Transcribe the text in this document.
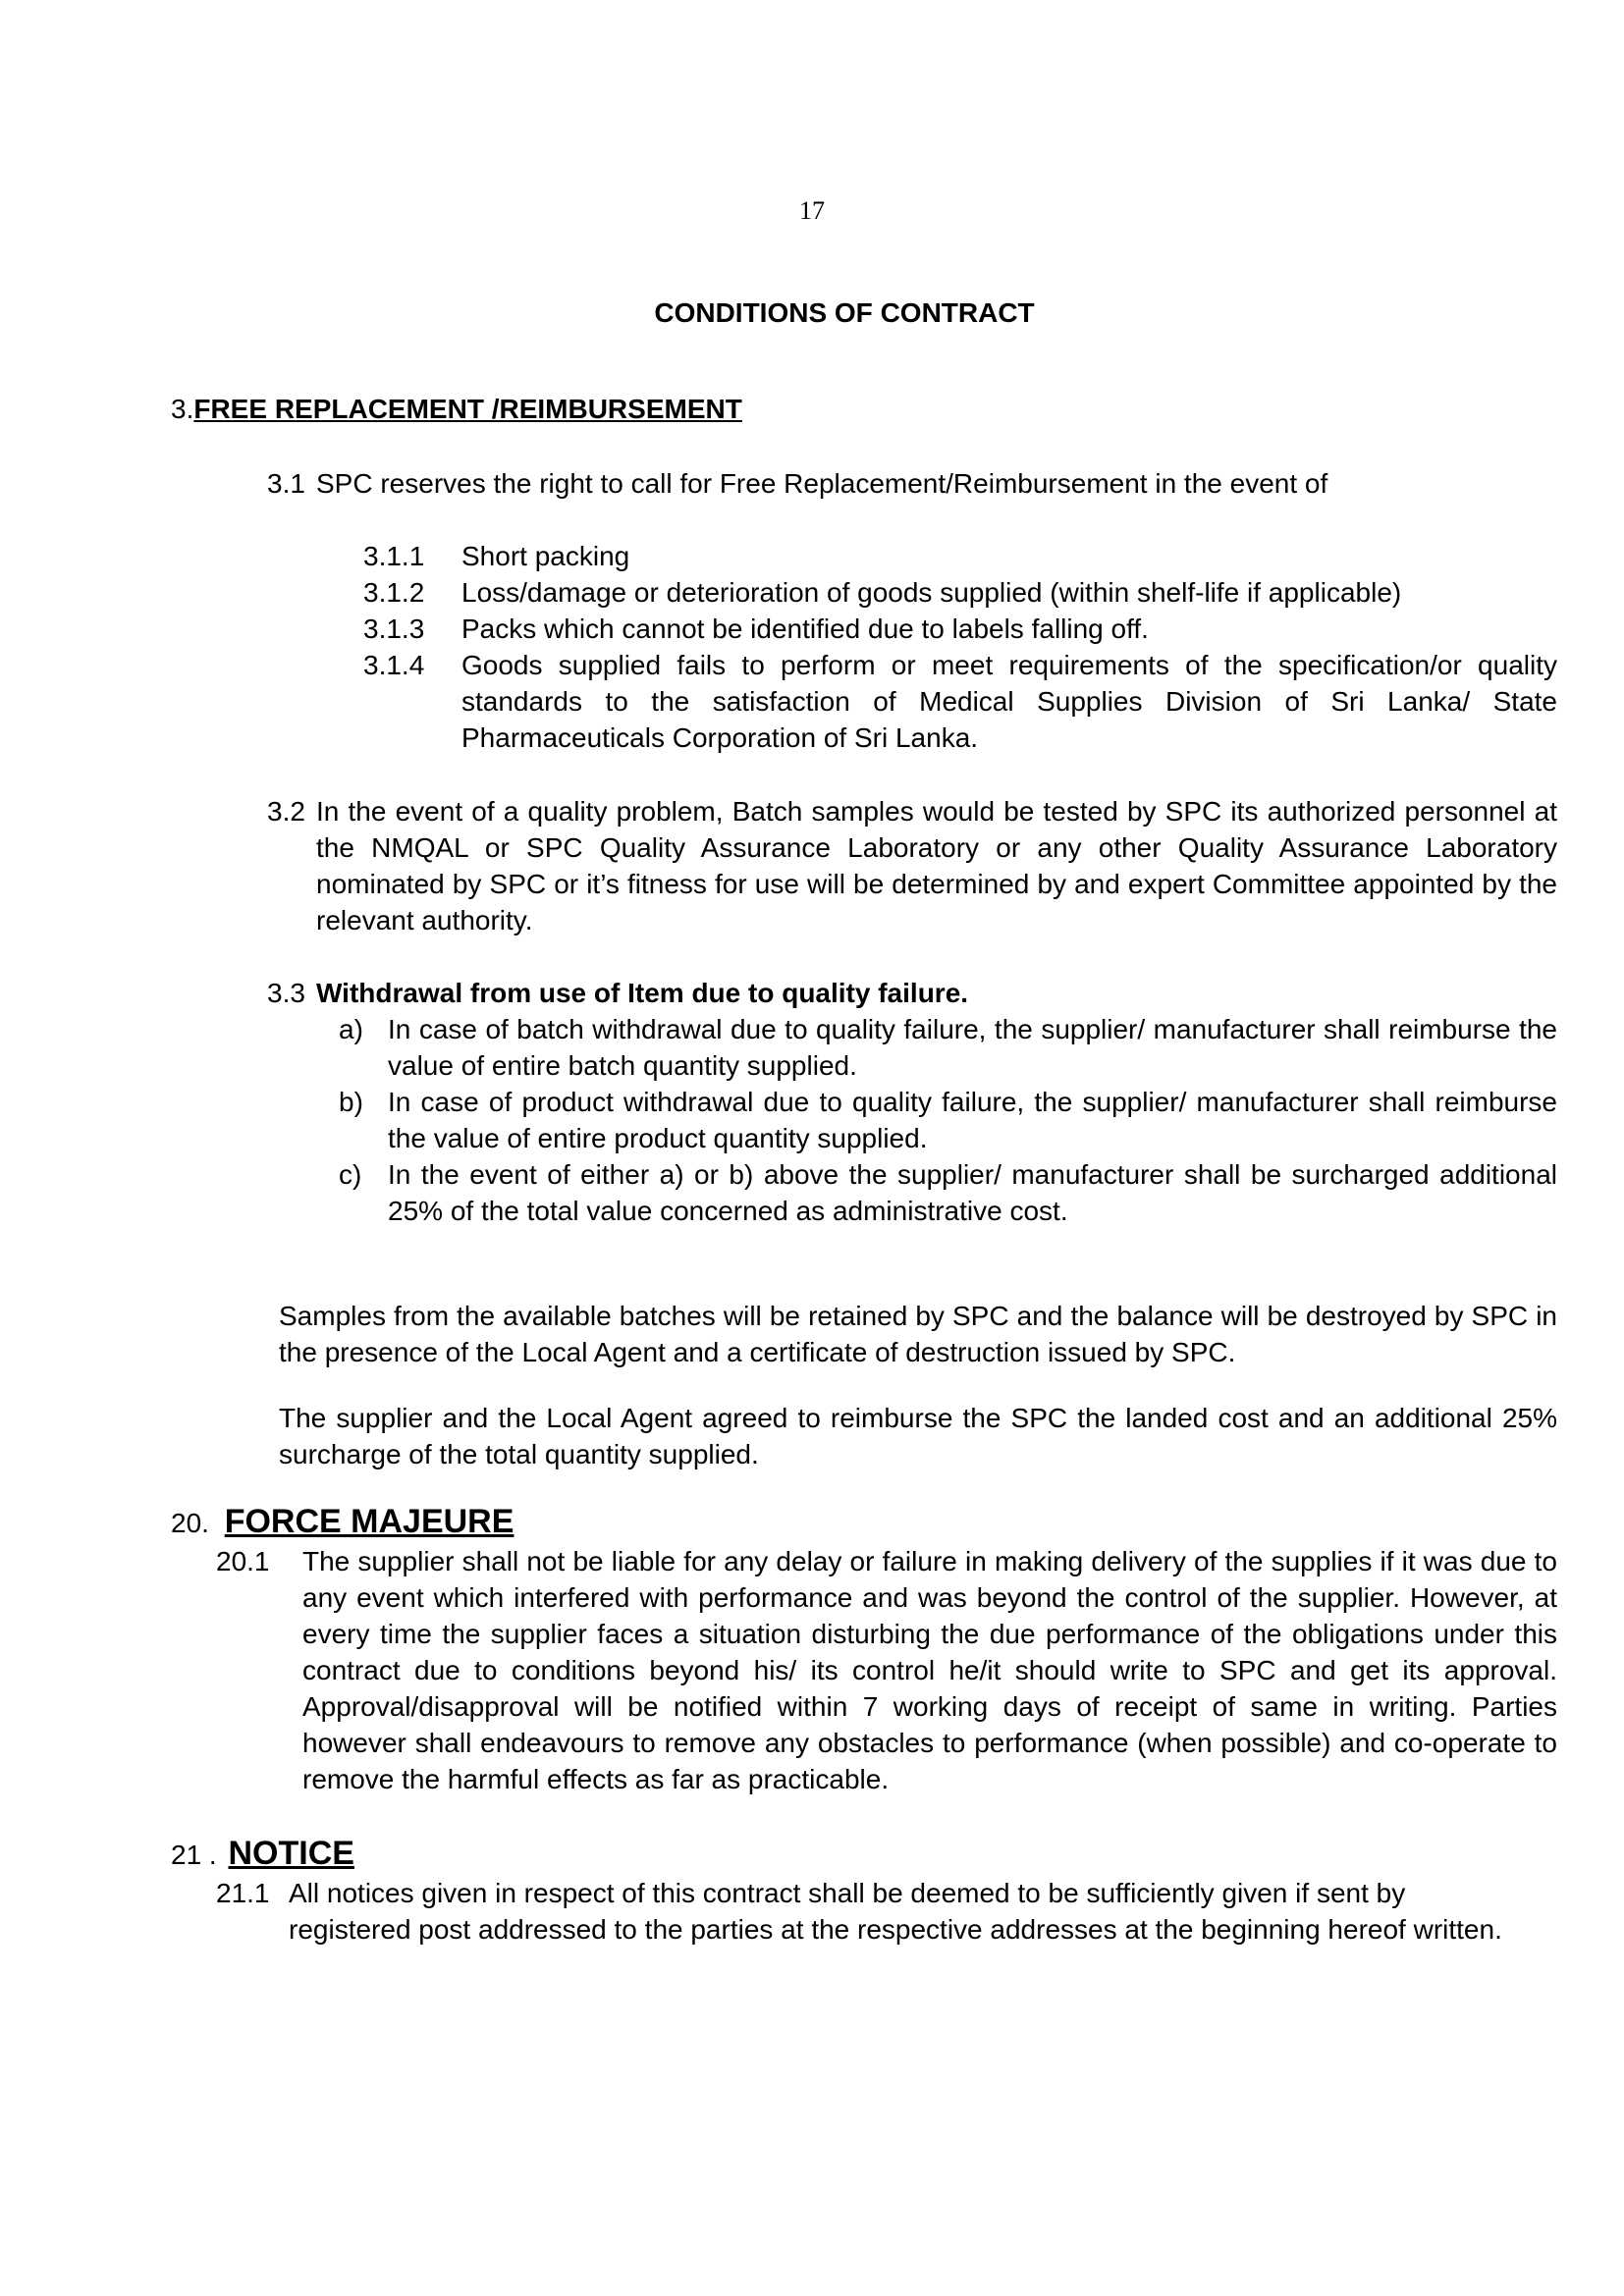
17
CONDITIONS OF CONTRACT
3.FREE REPLACEMENT /REIMBURSEMENT
3.1 SPC reserves the right to call for Free Replacement/Reimbursement in the event of
3.1.1	Short packing
3.1.2	Loss/damage or deterioration of goods supplied (within shelf-life if applicable)
3.1.3	Packs which cannot be identified due to labels falling off.
3.1.4	Goods supplied fails to perform or meet requirements of the specification/or quality standards to the satisfaction of Medical Supplies Division of Sri Lanka/ State Pharmaceuticals Corporation of Sri Lanka.
3.2 In the event of a quality problem, Batch samples would be tested by SPC its authorized personnel at the NMQAL or SPC Quality Assurance Laboratory or any other Quality Assurance Laboratory nominated by SPC or it’s fitness for use will be determined by and expert Committee appointed by the relevant authority.
3.3 Withdrawal from use of Item due to quality failure.
a) In case of batch withdrawal due to quality failure, the supplier/ manufacturer shall reimburse the value of entire batch quantity supplied.
b) In case of product withdrawal due to quality failure, the supplier/ manufacturer shall reimburse the value of entire product quantity supplied.
c) In the event of either a) or b) above the supplier/ manufacturer shall be surcharged additional 25% of the total value concerned as administrative cost.
Samples from the available batches will be retained by SPC and the balance will be destroyed by SPC in the presence of the Local Agent and a certificate of destruction issued by SPC.
The supplier and the Local Agent agreed to reimburse the SPC the landed cost and an additional 25% surcharge of the total quantity supplied.
20. FORCE MAJEURE
20.1	The supplier shall not be liable for any delay or failure in making delivery of the supplies if it was due to any event which interfered with performance and was beyond the control of the supplier. However, at every time the supplier faces a situation disturbing the due performance of the obligations under this contract due to conditions beyond his/ its control he/it should write to SPC and get its approval. Approval/disapproval will be notified within 7 working days of receipt of same in writing. Parties however shall endeavours to remove any obstacles to performance (when possible) and co-operate to remove the harmful effects as far as practicable.
21 . NOTICE
21.1 All notices given in respect of this contract shall be deemed to be sufficiently given if sent by registered post addressed to the parties at the respective addresses at the beginning hereof written.
